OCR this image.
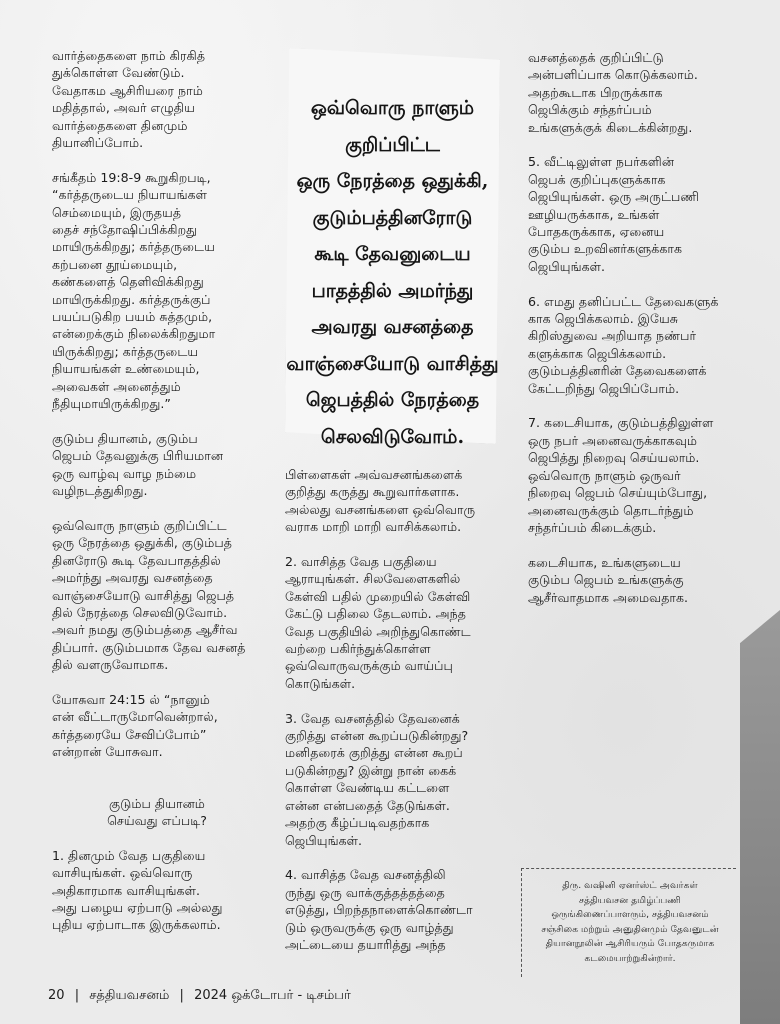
வார்த்தைகளை நாம் கிரகித்
துக்கொள்ள வேண்டும்.
வேதாகம ஆசிரியரை நாம்
மதித்தால், அவர் எழுதிய
வார்த்தைகளை தினமும்
தியானிப்போம்.

சங்கீதம் 19:8-9 கூறுகிறபடி,
“கர்த்தருடைய நியாயங்கள்
செம்மையும், இருதயத்
தைச் சந்தோஷிப்பிக்கிறது
மாயிருக்கிறது; கர்த்தருடைய
கற்பனை தூய்மையும்,
கண்களைத் தெளிவிக்கிறது
மாயிருக்கிறது. கர்த்தருக்குப்
பயப்படுகிற பயம் சுத்தமும்,
என்றைக்கும் நிலைக்கிறதுமா
யிருக்கிறது; கர்த்தருடைய
நியாயங்கள் உண்மையும்,
அவைகள் அனைத்தும்
நீதியுமாயிருக்கிறது.”

குடும்ப தியானம், குடும்ப
ஜெபம் தேவனுக்கு பிரியமான
ஒரு வாழ்வு வாழ நம்மை
வழிநடத்துகிறது.

ஒவ்வொரு நாளும் குறிப்பிட்ட
ஒரு நேரத்தை ஒதுக்கி, குடும்பத்
தினரோடு கூடி தேவபாதத்தில்
அமர்ந்து அவரது வசனத்தை
வாஞ்சையோடு வாசித்து ஜெபத்
தில் நேரத்தை செலவிடுவோம்.
அவர் நமது குடும்பத்தை ஆசீர்வ
திப்பார். குடும்பமாக தேவ வசனத்
தில் வளருவோமாக.

யோசுவா 24:15 ல் “நானும்
என் வீட்டாருமோவென்றால்,
கர்த்தரையே சேவிப்போம்”
என்றான் யோசுவா.

குடும்ப தியானம்
செய்வது எப்படி?

1. தினமும் வேத பகுதியை
வாசியுங்கள். ஒவ்வொரு
அதிகாரமாக வாசியுங்கள்.
அது பழைய ஏற்பாடு அல்லது
புதிய ஏற்பாடாக இருக்கலாம்.

ஒவ்வொரு நாளும்
குறிப்பிட்ட
ஒரு நேரத்தை ஒதுக்கி,
குடும்பத்தினரோடு
கூடி தேவனுடைய
பாதத்தில் அமர்ந்து
அவரது வசனத்தை
வாஞ்சையோடு வாசித்து
ஜெபத்தில் நேரத்தை
செலவிடுவோம்.

பிள்ளைகள் அவ்வசனங்களைக்
குறித்து கருத்து கூறுவார்களாக.
அல்லது வசனங்களை ஒவ்வொரு
வராக மாறி மாறி வாசிக்கலாம்.

2. வாசித்த வேத பகுதியை
ஆராயுங்கள். சிலவேளைகளில்
கேள்வி பதில் முறையில் கேள்வி
கேட்டு பதிலை தேடலாம். அந்த
வேத பகுதியில் அறிந்துகொண்ட
வற்றை பகிர்ந்துக்கொள்ள
ஒவ்வொருவருக்கும் வாய்ப்பு
கொடுங்கள்.

3. வேத வசனத்தில் தேவனைக்
குறித்து என்ன கூறப்படுகின்றது?
மனிதரைக் குறித்து என்ன கூறப்
படுகின்றது? இன்று நான் கைக்
கொள்ள வேண்டிய கட்டளை
என்ன என்பதைத் தேடுங்கள்.
அதற்கு கீழ்ப்படிவதற்காக
ஜெபியுங்கள்.

4. வாசித்த வேத வசனத்திலி
ருந்து ஒரு வாக்குத்தத்தத்தை
எடுத்து, பிறந்தநாளைக்கொண்டா
டும் ஒருவருக்கு ஒரு வாழ்த்து
அட்டையை தயாரித்து அந்த

வசனத்தைக் குறிப்பிட்டு
அன்பளிப்பாக கொடுக்கலாம்.
அதற்கூடாக பிறருக்காக
ஜெபிக்கும் சந்தர்ப்பம்
உங்களுக்குக் கிடைக்கின்றது.

5. வீட்டிலுள்ள நபர்களின்
ஜெபக் குறிப்புகளுக்காக
ஜெபியுங்கள். ஒரு அருட்பணி
ஊழியருக்காக, உங்கள்
போதகருக்காக, ஏனைய
குடும்ப உறவினர்களுக்காக
ஜெபியுங்கள்.

6. எமது தனிப்பட்ட தேவைகளுக்
காக ஜெபிக்கலாம். இயேசு
கிறிஸ்துவை அறியாத நண்பர்
களுக்காக ஜெபிக்கலாம்.
குடும்பத்தினரின் தேவைகளைக்
கேட்டறிந்து ஜெபிப்போம்.

7. கடைசியாக, குடும்பத்திலுள்ள
ஒரு நபர் அனைவருக்காகவும்
ஜெபித்து நிறைவு செய்யலாம்.
ஒவ்வொரு நாளும் ஒருவர்
நிறைவு ஜெபம் செய்யும்போது,
அனைவருக்கும் தொடர்ந்தும்
சந்தர்ப்பம் கிடைக்கும்.

கடைசியாக, உங்களுடைய
குடும்ப ஜெபம் உங்களுக்கு
ஆசீர்வாதமாக அமைவதாக.

திரு. வஷினி ஏனர்ஸ்ட் அவர்கள்
சத்தியவசன தமிழ்ப்பணி
ஒருங்கிணைப்பாளரும், சத்தியவசனம்
சஞ்சிகை மற்றும் அனுதினமும் தேவனுடன்
தியானநூலின் ஆசிரியரும் போதகருமாக
கடமையாற்றுகின்றார்.
20 | சத்தியவசனம் | 2024 ஒக்டோபர் - டிசம்பர்
